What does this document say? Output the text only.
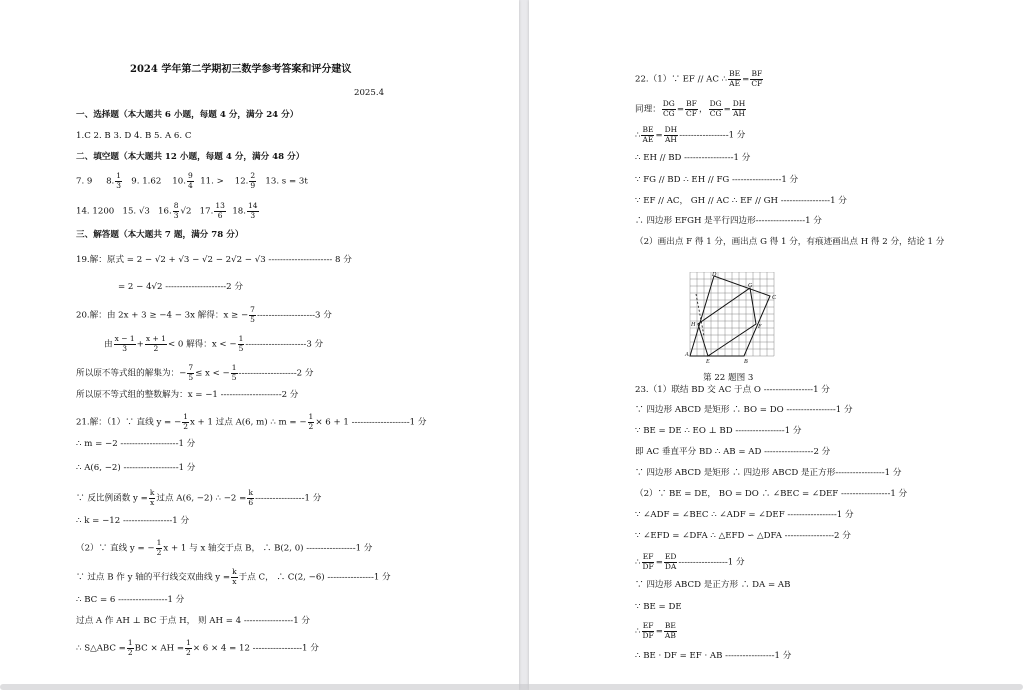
2024 学年第二学期初三数学参考答案和评分建议
2025.4
一、选择题（本大题共 6 小题，每题 4 分，满分 24 分）
1.C 2. B 3. D 4. B 5. A 6. C
二、填空题（本大题共 12 小题，每题 4 分，满分 48 分）
7. 9 8. $\frac{1}{3} 9$. 1.62 10. $\frac{9}{4} 11$. > 12. $\frac{2}{9} 13$. s = 3t
14. 1200 15. √3 16. $\frac{8}{3} √2$ 17. $\frac{13}{6} 18$. $\frac{14}{3}$
三、解答题（本大题共 7 题，满分 78 分）
19.解：原式 = 2 − √2 + √3 − √2 − 2√2 − √3 ---------------------- 8 分
= 2 − 4√2 ---------------------2 分
20.解：由 2x + 3 ≥ −4 − 3x 解得：x ≥ − $\frac{7}{5} --------------------3$ 分
由 $\frac{x - 1}{3} + \frac{x + 1}{2} < 0$ 解得：x < − $\frac{1}{5} ---------------------3$ 分
所以原不等式组的解集为：− $\frac{7}{5} \le x$ < − $\frac{1}{5} --------------------2$ 分
所以原不等式组的整数解为：x = −1 ---------------------2 分
21.解：（1）∵ 直线 y = − $\frac{1}{2}$ x + 1 过点 A(6, m) ∴ m = − $\frac{1}{2} \times 6 + 1$ --------------------1 分
∴ m = −2 --------------------1 分
∴ A(6, −2) -------------------1 分
∵ 反比例函数 $y = \frac{k}{x}$ 过点 A(6, −2) ∴ $-2 = \frac{k}{6} -----------------1$ 分
∴ k = −12 -----------------1 分
（2）∵ 直线 y = − $\frac{1}{2}$ x + 1 与 x 轴交于点 B， ∴ B(2, 0) -----------------1 分
∵ 过点 B 作 y 轴的平行线交双曲线 $y = \frac{k}{x}$ 于点 C， ∴ C(2, −6) ----------------1 分
∴ BC = 6 -----------------1 分
过点 A 作 AH ⊥ BC 于点 H， 则 AH = 4 -----------------1 分
∴ S△ABC = $\frac{1}{2}$ BC × AH = $\frac{1}{2} \times 6 \times 4 = 12$ -----------------1 分
22.（1）∵ EF // AC ∴ $\frac{BE}{AE} = \frac{BF}{CF}$
同理： $\frac{DG}{CG} = \frac{BF}{CF}$ ， $\frac{DG}{CG} = \frac{DH}{AH}$
∴ $\frac{BE}{AE} = \frac{DH}{AH} -----------------1$ 分
∴ EH // BD -----------------1 分
∵ FG // BD ∴ EH // FG -----------------1 分
∵ EF // AC， GH // AC ∴ EF // GH -----------------1 分
∴ 四边形 EFGH 是平行四边形-----------------1 分
（2）画出点 F 得 1 分，画出点 G 得 1 分，有痕迹画出点 H 得 2 分，结论 1 分
D
G
C
H	F
A
E	B
第 22 题图 3
23.（1）联结 BD 交 AC 于点 O -----------------1 分
∵ 四边形 ABCD 是矩形 ∴ BO = DO -----------------1 分
∵ BE = DE ∴ EO ⊥ BD -----------------1 分
即 AC 垂直平分 BD ∴ AB = AD -----------------2 分
∵ 四边形 ABCD 是矩形 ∴ 四边形 ABCD 是正方形-----------------1 分
（2）∵ BE = DE， BO = DO ∴ ∠BEC = ∠DEF -----------------1 分
∵ ∠ADF = ∠BEC ∴ ∠ADF = ∠DEF -----------------1 分
∵ ∠EFD = ∠DFA ∴ △EFD ∽ △DFA -----------------2 分
∴ $\frac{EF}{DF} = \frac{ED}{DA} -----------------1$ 分
∵ 四边形 ABCD 是正方形 ∴ DA = AB
∵ BE = DE
∴ $\frac{EF}{DF} = \frac{BE}{AB}$
∴ BE · DF = EF · AB -----------------1 分
